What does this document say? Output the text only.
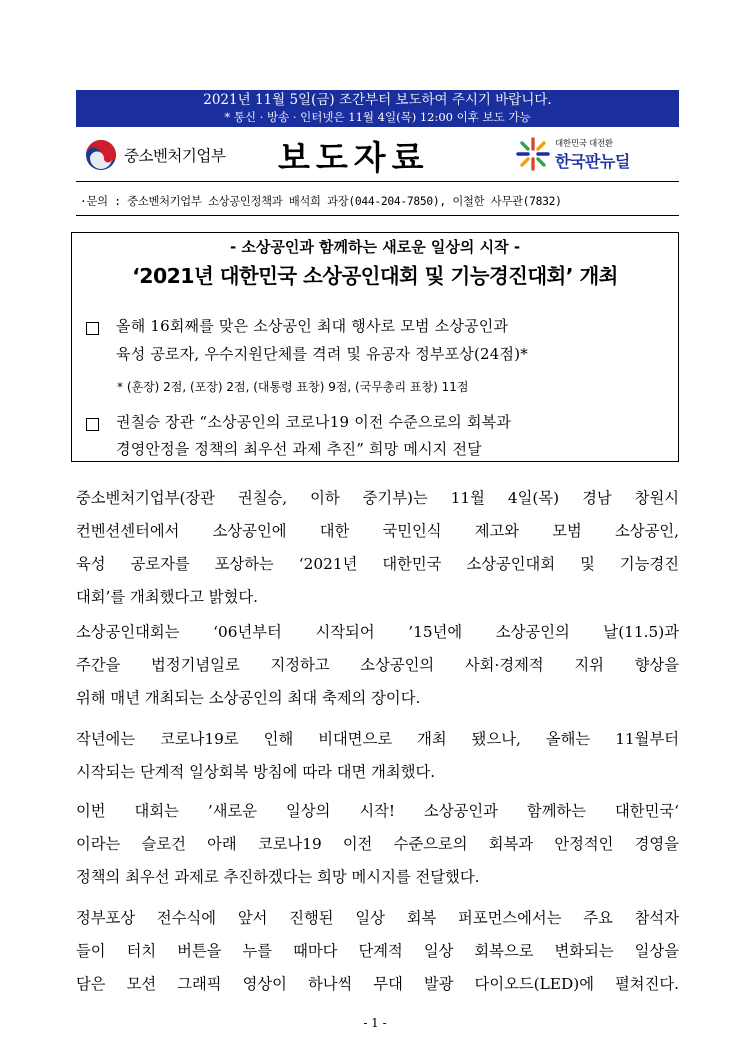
2021년 11월 5일(금) 조간부터 보도하여 주시기 바랍니다.
* 통신 · 방송 · 인터넷은 11월 4일(목) 12:00 이후 보도 가능
중소벤처기업부 보도자료	대한민국 대전환
한국판뉴딜
·문의 : 중소벤처기업부 소상공인정책과 배석희 과장(044-204-7850), 이철한 사무관(7832)
- 소상공인과 함께하는 새로운 일상의 시작 -
‘2021년 대한민국 소상공인대회 및 기능경진대회’ 개최
올해 16회째를 맞은 소상공인 최대 행사로 모범 소상공인과
육성 공로자, 우수지원단체를 격려 및 유공자 정부포상(24점)*
* (훈장) 2점, (포장) 2점, (대통령 표창) 9점, (국무총리 표창) 11점
권칠승 장관 “소상공인의 코로나19 이전 수준으로의 회복과
경영안정을 정책의 최우선 과제 추진” 희망 메시지 전달
중소벤처기업부(장관 권칠승, 이하 중기부)는 11월 4일(목) 경남 창원시
컨벤션센터에서 소상공인에 대한 국민인식 제고와 모범 소상공인,
육성 공로자를 포상하는 ‘2021년 대한민국 소상공인대회 및 기능경진
대회’를 개최했다고 밝혔다.
소상공인대회는 ‘06년부터 시작되어 ’15년에 소상공인의 날(11.5)과
주간을 법정기념일로 지정하고 소상공인의 사회·경제적 지위 향상을
위해 매년 개최되는 소상공인의 최대 축제의 장이다.
작년에는 코로나19로 인해 비대면으로 개최 됐으나, 올해는 11월부터
시작되는 단계적 일상회복 방침에 따라 대면 개최했다.
이번 대회는 ’새로운 일상의 시작! 소상공인과 함께하는 대한민국‘
이라는 슬로건 아래 코로나19 이전 수준으로의 회복과 안정적인 경영을
정책의 최우선 과제로 추진하겠다는 희망 메시지를 전달했다.
정부포상 전수식에 앞서 진행된 일상 회복 퍼포먼스에서는 주요 참석자
들이 터치 버튼을 누를 때마다 단계적 일상 회복으로 변화되는 일상을
담은 모션 그래픽 영상이 하나씩 무대 발광 다이오드(LED)에 펼쳐진다.
- 1 -
